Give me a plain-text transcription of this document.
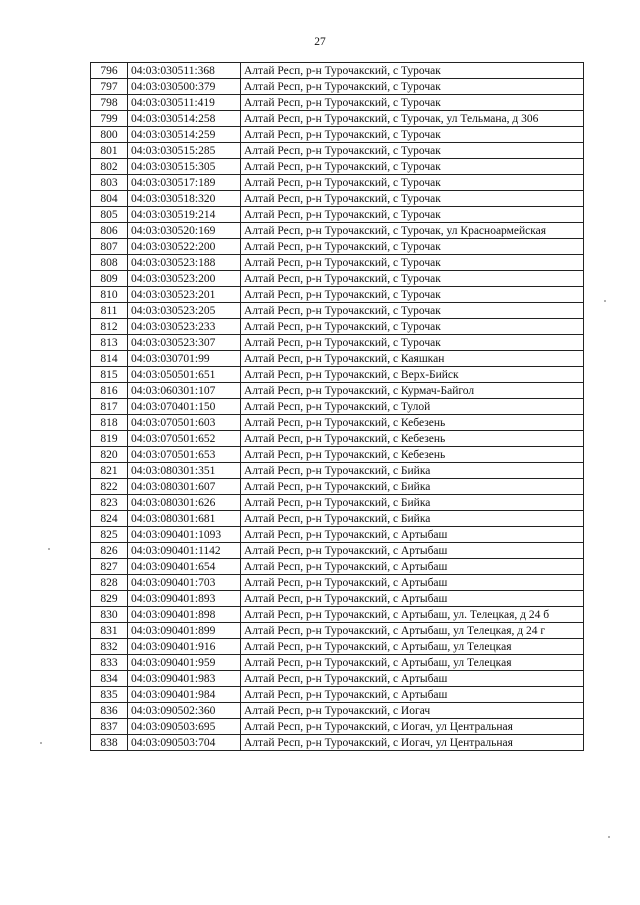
27
796	04:03:030511:368	Алтай Респ, р-н Турочакский, с Турочак
797	04:03:030500:379	Алтай Респ, р-н Турочакский, с Турочак
798	04:03:030511:419	Алтай Респ, р-н Турочакский, с Турочак
799	04:03:030514:258	Алтай Респ, р-н Турочакский, с Турочак, ул Тельмана, д 306
800	04:03:030514:259	Алтай Респ, р-н Турочакский, с Турочак
801	04:03:030515:285	Алтай Респ, р-н Турочакский, с Турочак
802	04:03:030515:305	Алтай Респ, р-н Турочакский, с Турочак
803	04:03:030517:189	Алтай Респ, р-н Турочакский, с Турочак
804	04:03:030518:320	Алтай Респ, р-н Турочакский, с Турочак
805	04:03:030519:214	Алтай Респ, р-н Турочакский, с Турочак
806	04:03:030520:169	Алтай Респ, р-н Турочакский, с Турочак, ул Красноармейская
807	04:03:030522:200	Алтай Респ, р-н Турочакский, с Турочак
808	04:03:030523:188	Алтай Респ, р-н Турочакский, с Турочак
809	04:03:030523:200	Алтай Респ, р-н Турочакский, с Турочак
810	04:03:030523:201	Алтай Респ, р-н Турочакский, с Турочак
811	04:03:030523:205	Алтай Респ, р-н Турочакский, с Турочак
812	04:03:030523:233	Алтай Респ, р-н Турочакский, с Турочак
813	04:03:030523:307	Алтай Респ, р-н Турочакский, с Турочак
814	04:03:030701:99	Алтай Респ, р-н Турочакский, с Каяшкан
815	04:03:050501:651	Алтай Респ, р-н Турочакский, с Верх-Бийск
816	04:03:060301:107	Алтай Респ, р-н Турочакский, с Курмач-Байгол
817	04:03:070401:150	Алтай Респ, р-н Турочакский, с Тулой
818	04:03:070501:603	Алтай Респ, р-н Турочакский, с Кебезень
819	04:03:070501:652	Алтай Респ, р-н Турочакский, с Кебезень
820	04:03:070501:653	Алтай Респ, р-н Турочакский, с Кебезень
821	04:03:080301:351	Алтай Респ, р-н Турочакский, с Бийка
822	04:03:080301:607	Алтай Респ, р-н Турочакский, с Бийка
823	04:03:080301:626	Алтай Респ, р-н Турочакский, с Бийка
824	04:03:080301:681	Алтай Респ, р-н Турочакский, с Бийка
825	04:03:090401:1093	Алтай Респ, р-н Турочакский, с Артыбаш
826	04:03:090401:1142	Алтай Респ, р-н Турочакский, с Артыбаш
827	04:03:090401:654	Алтай Респ, р-н Турочакский, с Артыбаш
828	04:03:090401:703	Алтай Респ, р-н Турочакский, с Артыбаш
829	04:03:090401:893	Алтай Респ, р-н Турочакский, с Артыбаш
830	04:03:090401:898	Алтай Респ, р-н Турочакский, с Артыбаш, ул. Телецкая, д 24 б
831	04:03:090401:899	Алтай Респ, р-н Турочакский, с Артыбаш, ул Телецкая, д 24 г
832	04:03:090401:916	Алтай Респ, р-н Турочакский, с Артыбаш, ул Телецкая
833	04:03:090401:959	Алтай Респ, р-н Турочакский, с Артыбаш, ул Телецкая
834	04:03:090401:983	Алтай Респ, р-н Турочакский, с Артыбаш
835	04:03:090401:984	Алтай Респ, р-н Турочакский, с Артыбаш
836	04:03:090502:360	Алтай Респ, р-н Турочакский, с Иогач
837	04:03:090503:695	Алтай Респ, р-н Турочакский, с Иогач, ул Центральная
838	04:03:090503:704	Алтай Респ, р-н Турочакский, с Иогач, ул Центральная
